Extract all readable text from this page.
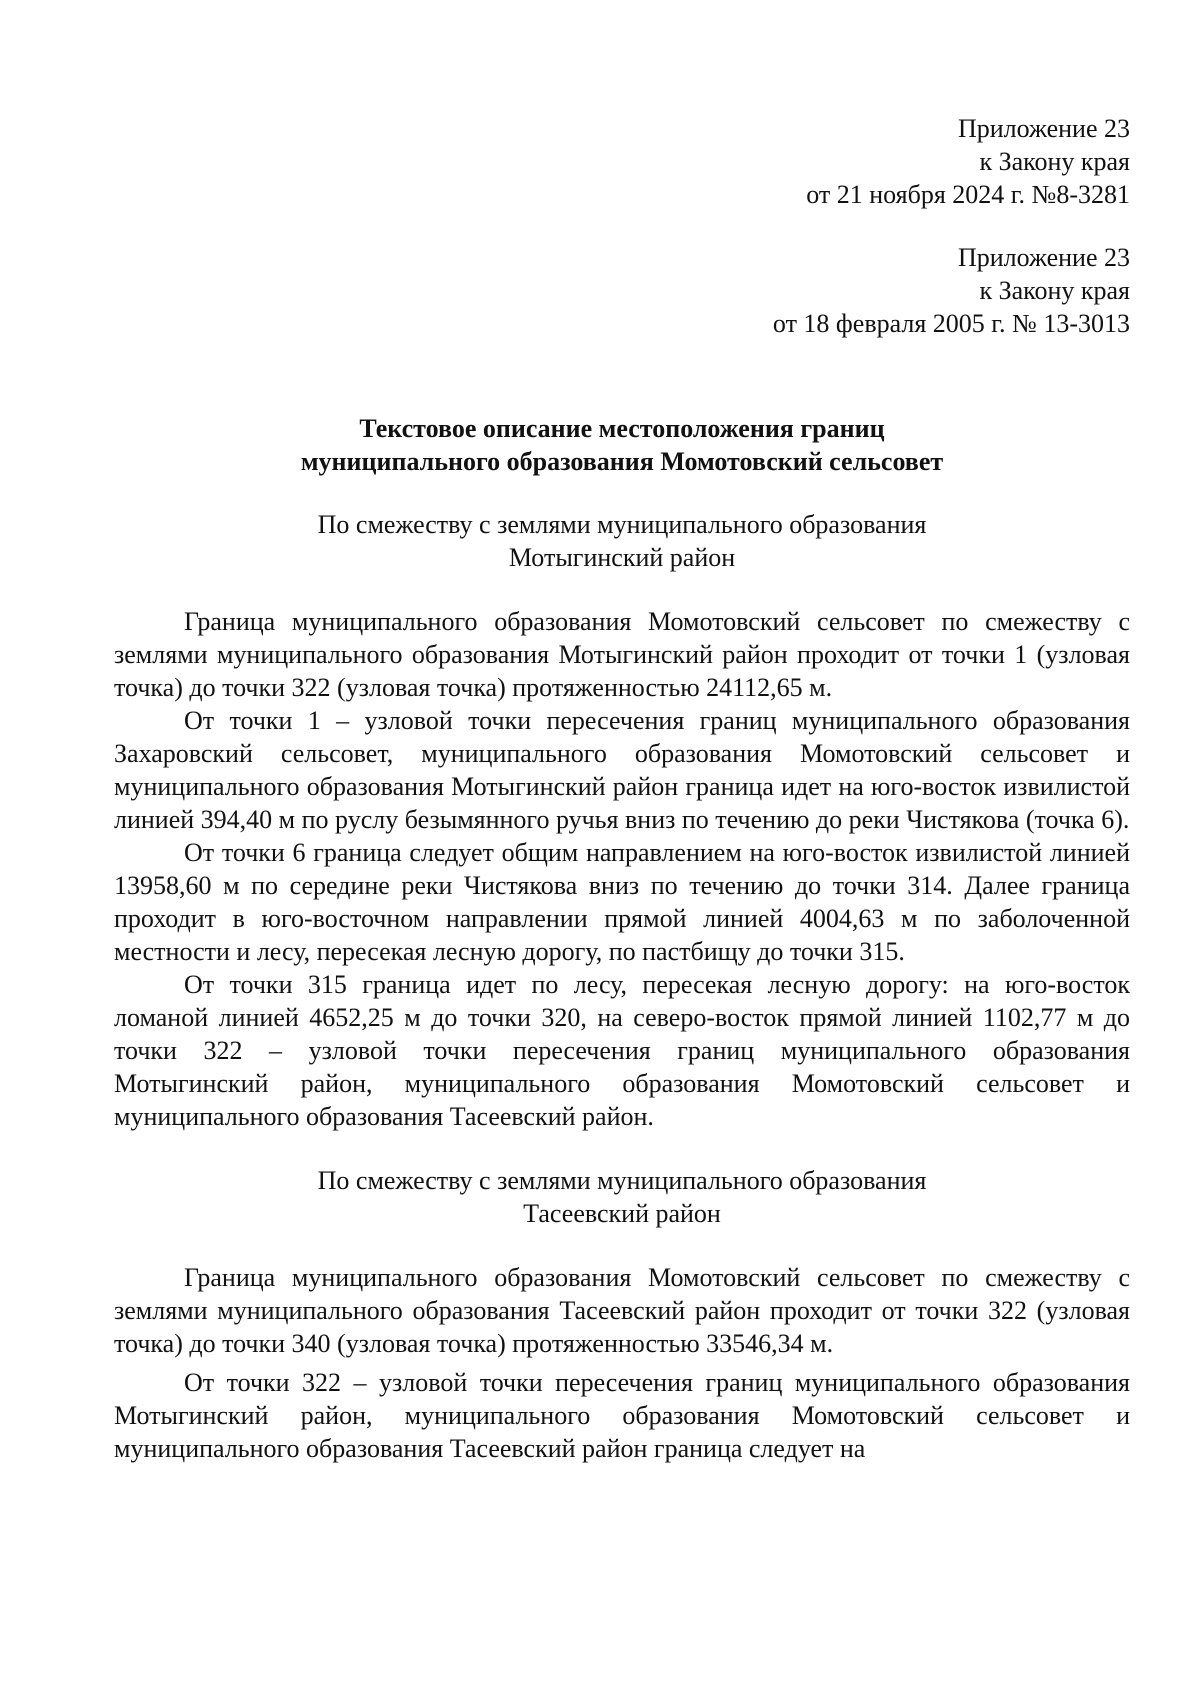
Приложение 23
к Закону края
от 21 ноября 2024 г. №8-3281
Приложение 23
к Закону края
от 18 февраля 2005 г. № 13-3013
Текстовое описание местоположения границ
муниципального образования Момотовский сельсовет
По смежеству с землями муниципального образования
Мотыгинский район

Граница муниципального образования Момотовский сельсовет по смежеству с землями муниципального образования Мотыгинский район проходит от точки 1 (узловая точка) до точки 322 (узловая точка) протяженностью 24112,65 м.

От точки 1 – узловой точки пересечения границ муниципального образования Захаровский сельсовет, муниципального образования Момотовский сельсовет и муниципального образования Мотыгинский район граница идет на юго-восток извилистой линией 394,40 м по руслу безымянного ручья вниз по течению до реки Чистякова (точка 6).

От точки 6 граница следует общим направлением на юго-восток извилистой линией 13958,60 м по середине реки Чистякова вниз по течению до точки 314. Далее граница проходит в юго-восточном направлении прямой линией 4004,63 м по заболоченной местности и лесу, пересекая лесную дорогу, по пастбищу до точки 315.

От точки 315 граница идет по лесу, пересекая лесную дорогу: на юго-восток ломаной линией 4652,25 м до точки 320, на северо-восток прямой линией 1102,77 м до точки 322 – узловой точки пересечения границ муниципального образования Мотыгинский район, муниципального образования Момотовский сельсовет и муниципального образования Тасеевский район.

По смежеству с землями муниципального образования
Тасеевский район

Граница муниципального образования Момотовский сельсовет по смежеству с землями муниципального образования Тасеевский район проходит от точки 322 (узловая точка) до точки 340 (узловая точка) протяженностью 33546,34 м.

От точки 322 – узловой точки пересечения границ муниципального образования Мотыгинский район, муниципального образования Момотовский сельсовет и муниципального образования Тасеевский район граница следует на
